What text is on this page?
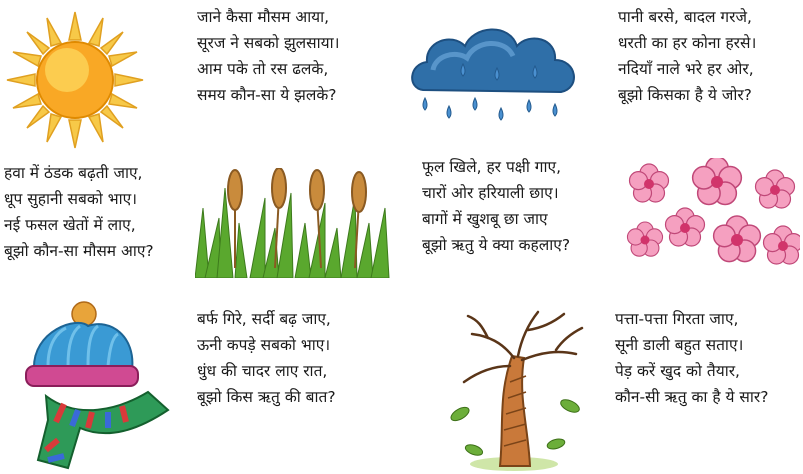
जाने कैसा मौसम आया,
सूरज ने सबको झुलसाया।
आम पके तो रस ढलके,
समय कौन-सा ये झलके?
पानी बरसे, बादल गरजे,
धरती का हर कोना हरसे।
नदियाँ नाले भरे हर ओर,
बूझो किसका है ये जोर?
हवा में ठंडक बढ़ती जाए,
धूप सुहानी सबको भाए।
नई फसल खेतों में लाए,
बूझो कौन-सा मौसम आए?
फूल खिले, हर पक्षी गाए,
चारों ओर हरियाली छाए।
बागों में खुशबू छा जाए
बूझो ऋतु ये क्या कहलाए?
बर्फ गिरे, सर्दी बढ़ जाए,
ऊनी कपड़े सबको भाए।
धुंध की चादर लाए रात,
बूझो किस ऋतु की बात?
पत्ता-पत्ता गिरता जाए,
सूनी डाली बहुत सताए।
पेड़ करें खुद को तैयार,
कौन-सी ऋतु का है ये सार?
